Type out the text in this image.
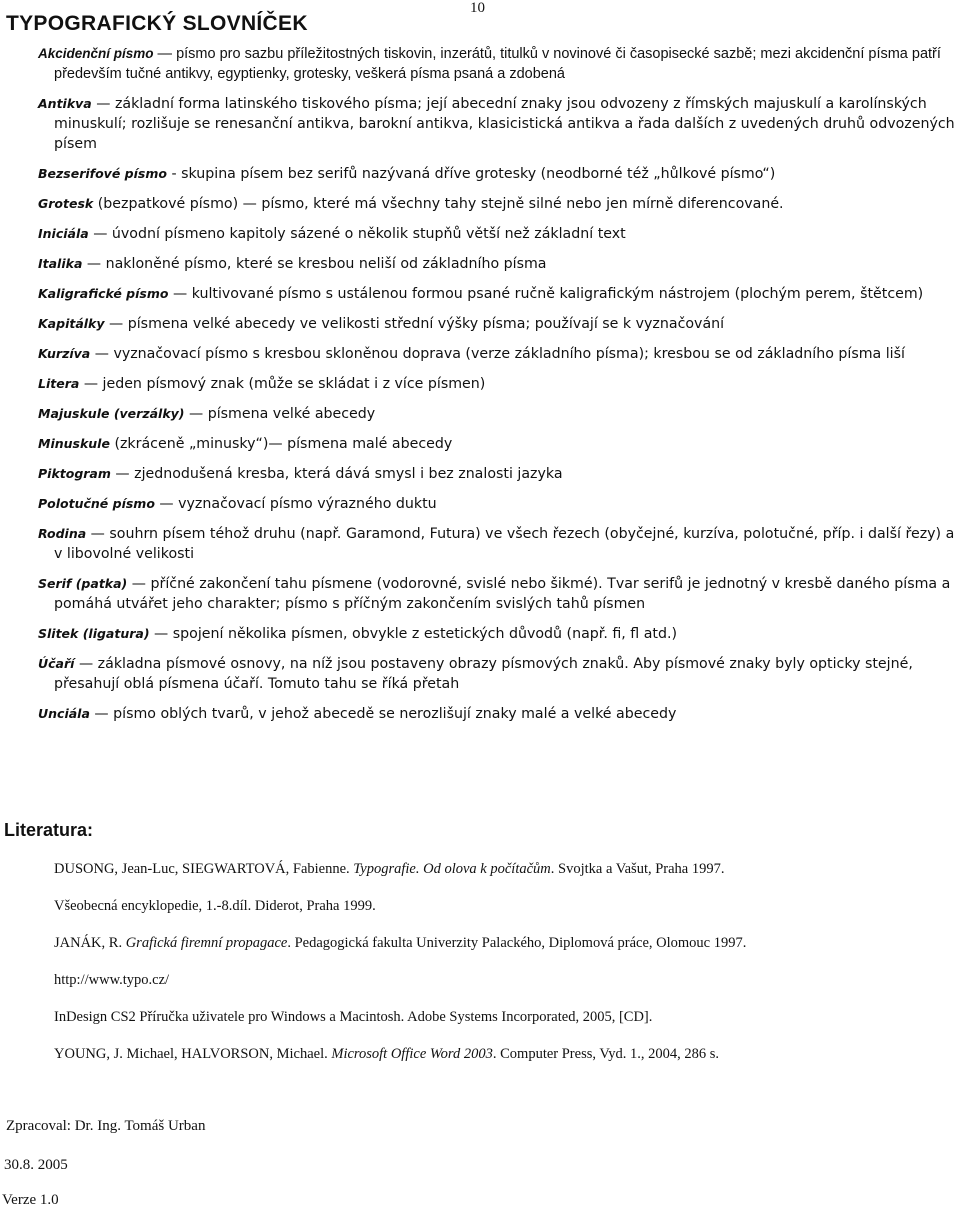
10
TYPOGRAFICKÝ SLOVNÍČEK
Akcidenční písmo — písmo pro sazbu příležitostných tiskovin, inzerátů, titulků v novinové či časopisecké sazbě; mezi akcidenční písma patří především tučné antikvy, egyptienky, grotesky, veškerá písma psaná a zdobená
Antikva — základní forma latinského tiskového písma; její abecední znaky jsou odvozeny z římských majuskulí a karolínských minuskulí; rozlišuje se renesanční antikva, barokní antikva, klasicistická antikva a řada dalších z uvedených druhů odvozených písem
Bezserifové písmo - skupina písem bez serifů nazývaná dříve grotesky (neodborné též „hůlkové písmo“)
Grotesk (bezpatkové písmo) — písmo, které má všechny tahy stejně silné nebo jen mírně diferencované.
Iniciála — úvodní písmeno kapitoly sázené o několik stupňů větší než základní text
Italika — nakloněné písmo, které se kresbou neliší od základního písma
Kaligrafické písmo — kultivované písmo s ustálenou formou psané ručně kaligrafickým nástrojem (plochým perem, štětcem)
Kapitálky — písmena velké abecedy ve velikosti střední výšky písma; používají se k vyznačování
Kurzíva — vyznačovací písmo s kresbou skloněnou doprava (verze základního písma); kresbou se od základního písma liší
Litera — jeden písmový znak (může se skládat i z více písmen)
Majuskule (verzálky) — písmena velké abecedy
Minuskule (zkráceně „minusky“)— písmena malé abecedy
Piktogram — zjednodušená kresba, která dává smysl i bez znalosti jazyka
Polotučné písmo — vyznačovací písmo výrazného duktu
Rodina — souhrn písem téhož druhu (např. Garamond, Futura) ve všech řezech (obyčejné, kurzíva, polotučné, příp. i další řezy) a v libovolné velikosti
Serif (patka) — příčné zakončení tahu písmene (vodorovné, svislé nebo šikmé). Tvar serifů je jednotný v kresbě daného písma a pomáhá utvářet jeho charakter; písmo s příčným zakončením svislých tahů písmen
Slitek (ligatura) — spojení několika písmen, obvykle z estetických důvodů (např. fi, fl atd.)
Účaří — základna písmové osnovy, na níž jsou postaveny obrazy písmových znaků. Aby písmové znaky byly opticky stejné, přesahují oblá písmena účaří. Tomuto tahu se říká přetah
Unciála — písmo oblých tvarů, v jehož abecedě se nerozlišují znaky malé a velké abecedy
Literatura:
DUSONG, Jean-Luc, SIEGWARTOVÁ, Fabienne. Typografie. Od olova k počítačům. Svojtka a Vašut, Praha 1997.
Všeobecná encyklopedie, 1.-8.díl. Diderot, Praha 1999.
JANÁK, R. Grafická firemní propagace. Pedagogická fakulta Univerzity Palackého, Diplomová práce, Olomouc 1997.
http://www.typo.cz/
InDesign CS2 Příručka uživatele pro Windows a Macintosh. Adobe Systems Incorporated, 2005, [CD].
YOUNG, J. Michael, HALVORSON, Michael. Microsoft Office Word 2003. Computer Press, Vyd. 1., 2004, 286 s.
Zpracoval: Dr. Ing. Tomáš Urban
30.8. 2005
Verze 1.0
